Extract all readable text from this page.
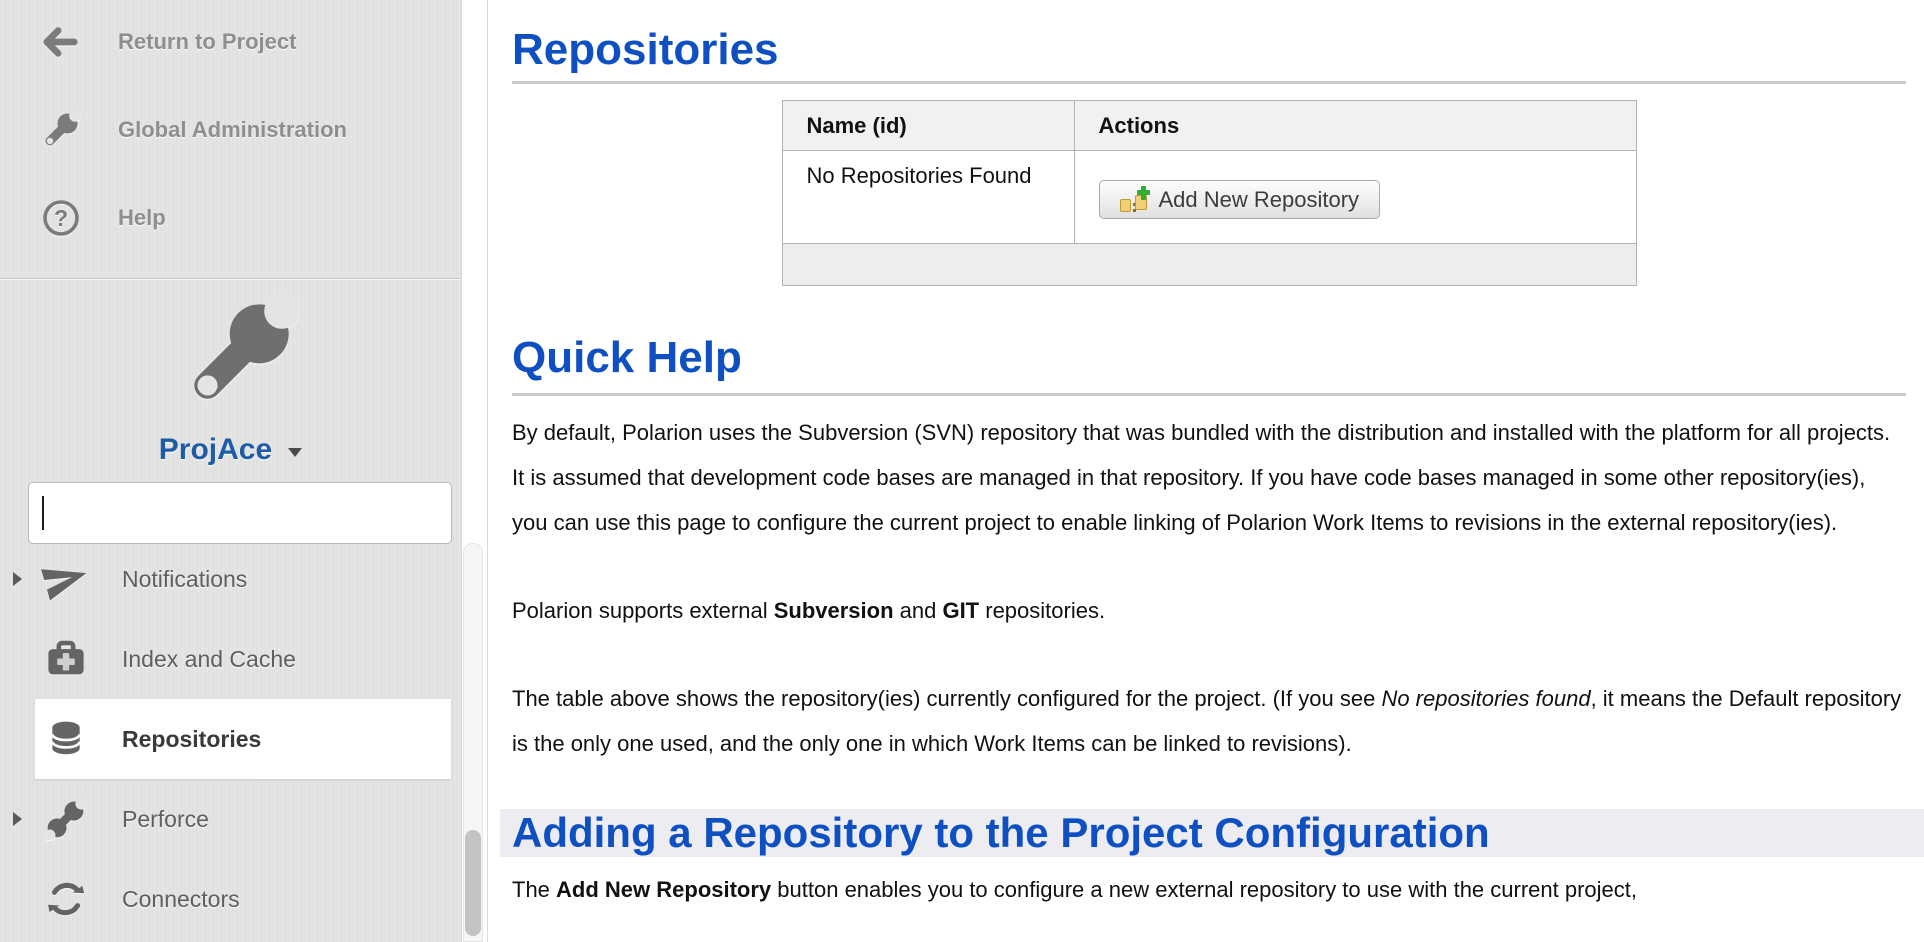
Return to Project
Global Administration
? Help
ProjAce
Notifications
Index and Cache
Repositories
Perforce
Connectors
Repositories
Name (id)	Actions
No Repositories Found	Add New Repository

Quick Help

By default, Polarion uses the Subversion (SVN) repository that was bundled with the distribution and installed with the platform for all projects. It is assumed that development code bases are managed in that repository. If you have code bases managed in some other repository(ies), you can use this page to configure the current project to enable linking of Polarion Work Items to revisions in the external repository(ies).

Polarion supports external Subversion and GIT repositories.

The table above shows the repository(ies) currently configured for the project. (If you see No repositories found, it means the Default repository is the only one used, and the only one in which Work Items can be linked to revisions).

Adding a Repository to the Project Configuration

The Add New Repository button enables you to configure a new external repository to use with the current project,
